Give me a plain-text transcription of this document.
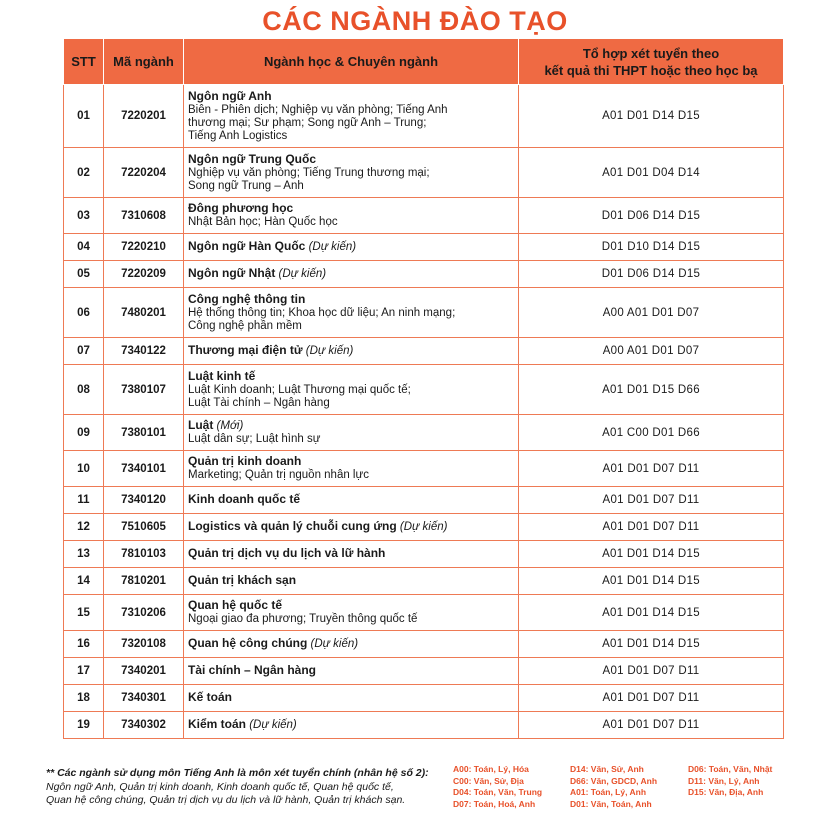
CÁC NGÀNH ĐÀO TẠO
STT	Mã ngành	Ngành học & Chuyên ngành	Tổ hợp xét tuyển theo
kết quả thi THPT hoặc theo học bạ
01	7220201	Ngôn ngữ Anh
Biên - Phiên dịch; Nghiệp vụ văn phòng; Tiếng Anh
thương mại; Sư phạm; Song ngữ Anh – Trung;
Tiếng Anh Logistics	A01 D01 D14 D15
02	7220204	Ngôn ngữ Trung Quốc
Nghiệp vụ văn phòng; Tiếng Trung thương mại;
Song ngữ Trung – Anh	A01 D01 D04 D14
03	7310608	Đông phương học
Nhật Bản học; Hàn Quốc học	D01 D06 D14 D15
04	7220210	Ngôn ngữ Hàn Quốc (Dự kiến)	D01 D10 D14 D15
05	7220209	Ngôn ngữ Nhật (Dự kiến)	D01 D06 D14 D15
06	7480201	Công nghệ thông tin
Hệ thống thông tin; Khoa học dữ liệu; An ninh mạng;
Công nghệ phần mềm	A00 A01 D01 D07
07	7340122	Thương mại điện tử (Dự kiến)	A00 A01 D01 D07
08	7380107	Luật kinh tế
Luật Kinh doanh; Luật Thương mại quốc tế;
Luật Tài chính – Ngân hàng	A01 D01 D15 D66
09	7380101	Luật (Mới)
Luật dân sự; Luật hình sự	A01 C00 D01 D66
10	7340101	Quản trị kinh doanh
Marketing; Quản trị nguồn nhân lực	A01 D01 D07 D11
11	7340120	Kinh doanh quốc tế	A01 D01 D07 D11
12	7510605	Logistics và quản lý chuỗi cung ứng (Dự kiến)	A01 D01 D07 D11
13	7810103	Quản trị dịch vụ du lịch và lữ hành	A01 D01 D14 D15
14	7810201	Quản trị khách sạn	A01 D01 D14 D15
15	7310206	Quan hệ quốc tế
Ngoại giao đa phương; Truyền thông quốc tế	A01 D01 D14 D15
16	7320108	Quan hệ công chúng (Dự kiến)	A01 D01 D14 D15
17	7340201	Tài chính – Ngân hàng	A01 D01 D07 D11
18	7340301	Kế toán	A01 D01 D07 D11
19	7340302	Kiểm toán (Dự kiến)	A01 D01 D07 D11
** Các ngành sử dụng môn Tiếng Anh là môn xét tuyển chính (nhân hệ số 2):
Ngôn ngữ Anh, Quản trị kinh doanh, Kinh doanh quốc tế, Quan hệ quốc tế,
Quan hệ công chúng, Quản trị dịch vụ du lịch và lữ hành, Quản trị khách sạn.
A00: Toán, Lý, Hóa
C00: Văn, Sử, Địa
D04: Toán, Văn, Trung
D07: Toán, Hoá, Anh
D14: Văn, Sử, Anh
D66: Văn, GDCD, Anh
A01: Toán, Lý, Anh
D01: Văn, Toán, Anh
D06: Toán, Văn, Nhật
D11: Văn, Lý, Anh
D15: Văn, Địa, Anh
